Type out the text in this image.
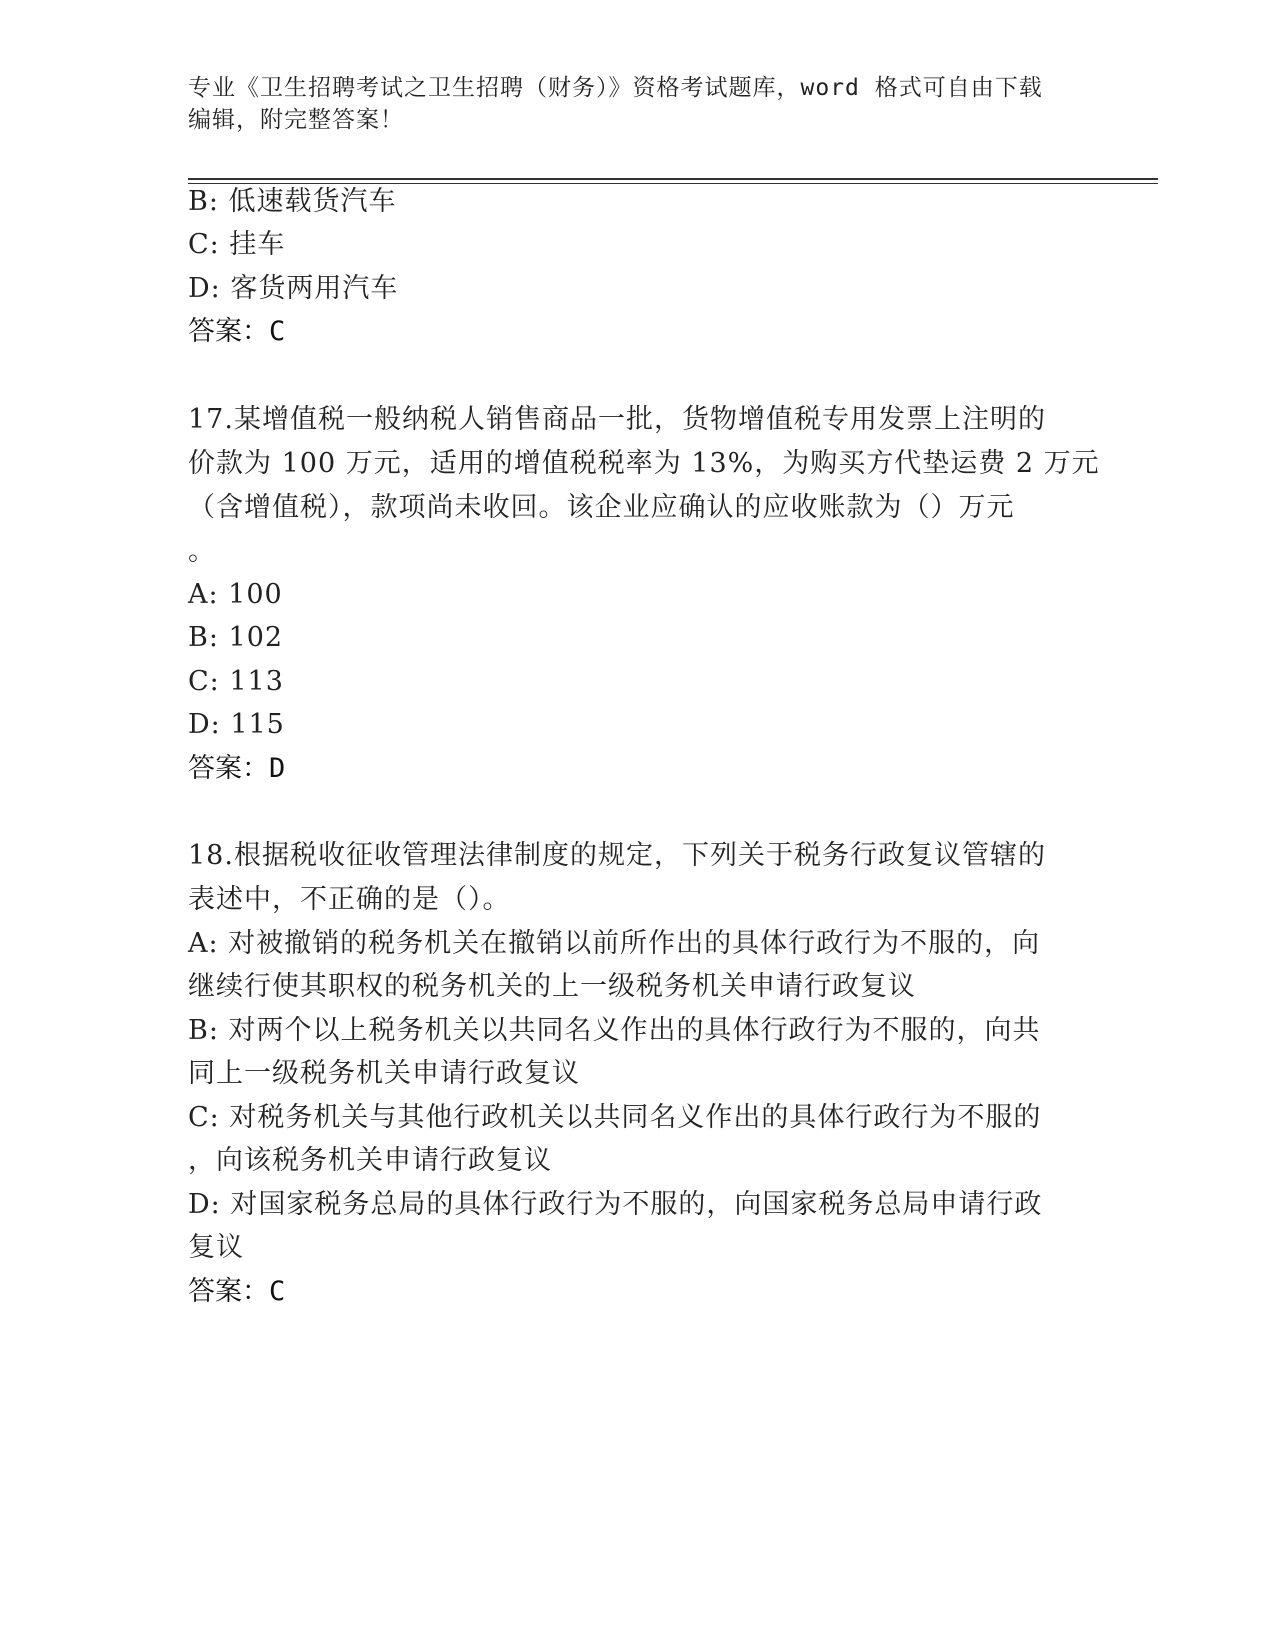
专业《卫生招聘考试之卫生招聘（财务）》资格考试题库，word 格式可自由下载
编辑，附完整答案！
B: 低速载货汽车
C: 挂车
D: 客货两用汽车
答案：C
17.某增值税一般纳税人销售商品一批，货物增值税专用发票上注明的
价款为 100 万元，适用的增值税税率为 13%，为购买方代垫运费 2 万元
（含增值税），款项尚未收回。该企业应确认的应收账款为（）万元
。
A: 100
B: 102
C: 113
D: 115
答案：D
18.根据税收征收管理法律制度的规定，下列关于税务行政复议管辖的
表述中，不正确的是（）。
A: 对被撤销的税务机关在撤销以前所作出的具体行政行为不服的，向
继续行使其职权的税务机关的上一级税务机关申请行政复议
B: 对两个以上税务机关以共同名义作出的具体行政行为不服的，向共
同上一级税务机关申请行政复议
C: 对税务机关与其他行政机关以共同名义作出的具体行政行为不服的
，向该税务机关申请行政复议
D: 对国家税务总局的具体行政行为不服的，向国家税务总局申请行政
复议
答案：C
